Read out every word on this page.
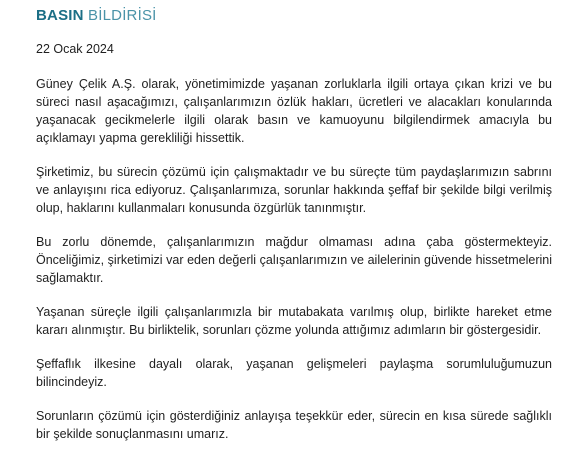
BASIN BİLDİRİSİ

22 Ocak 2024

Güney Çelik A.Ş. olarak, yönetimimizde yaşanan zorluklarla ilgili ortaya çıkan krizi ve bu süreci nasıl aşacağımızı, çalışanlarımızın özlük hakları, ücretleri ve alacakları konularında yaşanacak gecikmelerle ilgili olarak basın ve kamuoyunu bilgilendirmek amacıyla bu açıklamayı yapma gerekliliği hissettik.

Şirketimiz, bu sürecin çözümü için çalışmaktadır ve bu süreçte tüm paydaşlarımızın sabrını ve anlayışını rica ediyoruz. Çalışanlarımıza, sorunlar hakkında şeffaf bir şekilde bilgi verilmiş olup, haklarını kullanmaları konusunda özgürlük tanınmıştır.

Bu zorlu dönemde, çalışanlarımızın mağdur olmaması adına çaba göstermekteyiz. Önceliğimiz, şirketimizi var eden değerli çalışanlarımızın ve ailelerinin güvende hissetmelerini sağlamaktır.

Yaşanan süreçle ilgili çalışanlarımızla bir mutabakata varılmış olup, birlikte hareket etme kararı alınmıştır. Bu birliktelik, sorunları çözme yolunda attığımız adımların bir göstergesidir.

Şeffaflık ilkesine dayalı olarak, yaşanan gelişmeleri paylaşma sorumluluğumuzun bilincindeyiz.

Sorunların çözümü için gösterdiğiniz anlayışa teşekkür eder, sürecin en kısa sürede sağlıklı bir şekilde sonuçlanmasını umarız.
